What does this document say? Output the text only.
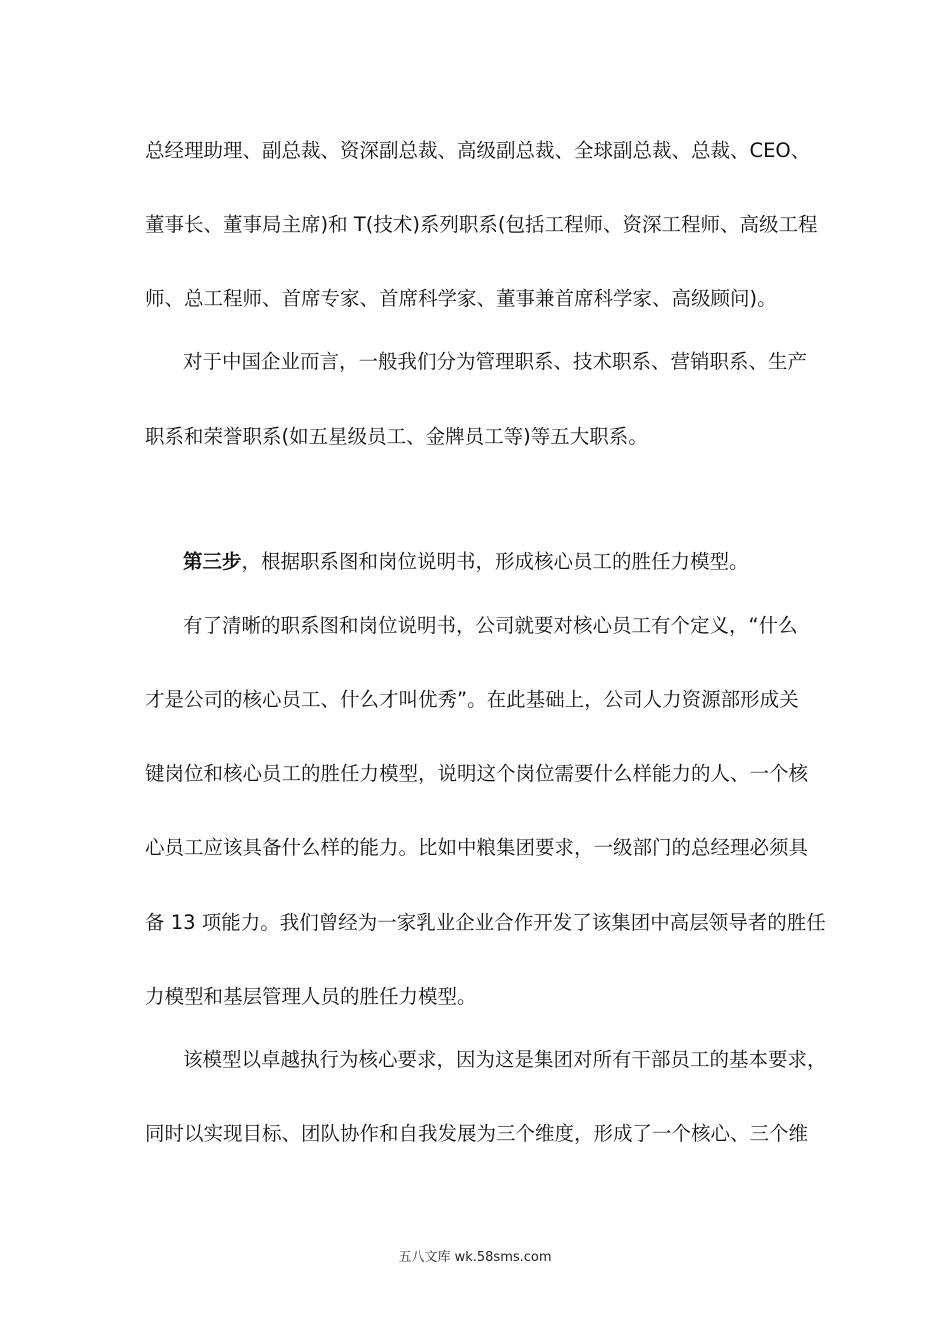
总经理助理、副总裁、资深副总裁、高级副总裁、全球副总裁、总裁、CEO、
董事长、董事局主席)和 T(技术)系列职系(包括工程师、资深工程师、高级工程
师、总工程师、首席专家、首席科学家、董事兼首席科学家、高级顾问)。
对于中国企业而言，一般我们分为管理职系、技术职系、营销职系、生产
职系和荣誉职系(如五星级员工、金牌员工等)等五大职系。
第三步，根据职系图和岗位说明书，形成核心员工的胜任力模型。
有了清晰的职系图和岗位说明书，公司就要对核心员工有个定义，“什么
才是公司的核心员工、什么才叫优秀”。在此基础上，公司人力资源部形成关
键岗位和核心员工的胜任力模型，说明这个岗位需要什么样能力的人、一个核
心员工应该具备什么样的能力。比如中粮集团要求，一级部门的总经理必须具
备 13 项能力。我们曾经为一家乳业企业合作开发了该集团中高层领导者的胜任
力模型和基层管理人员的胜任力模型。
该模型以卓越执行为核心要求，因为这是集团对所有干部员工的基本要求，
同时以实现目标、团队协作和自我发展为三个维度，形成了一个核心、三个维
五八文库 wk.58sms.com
